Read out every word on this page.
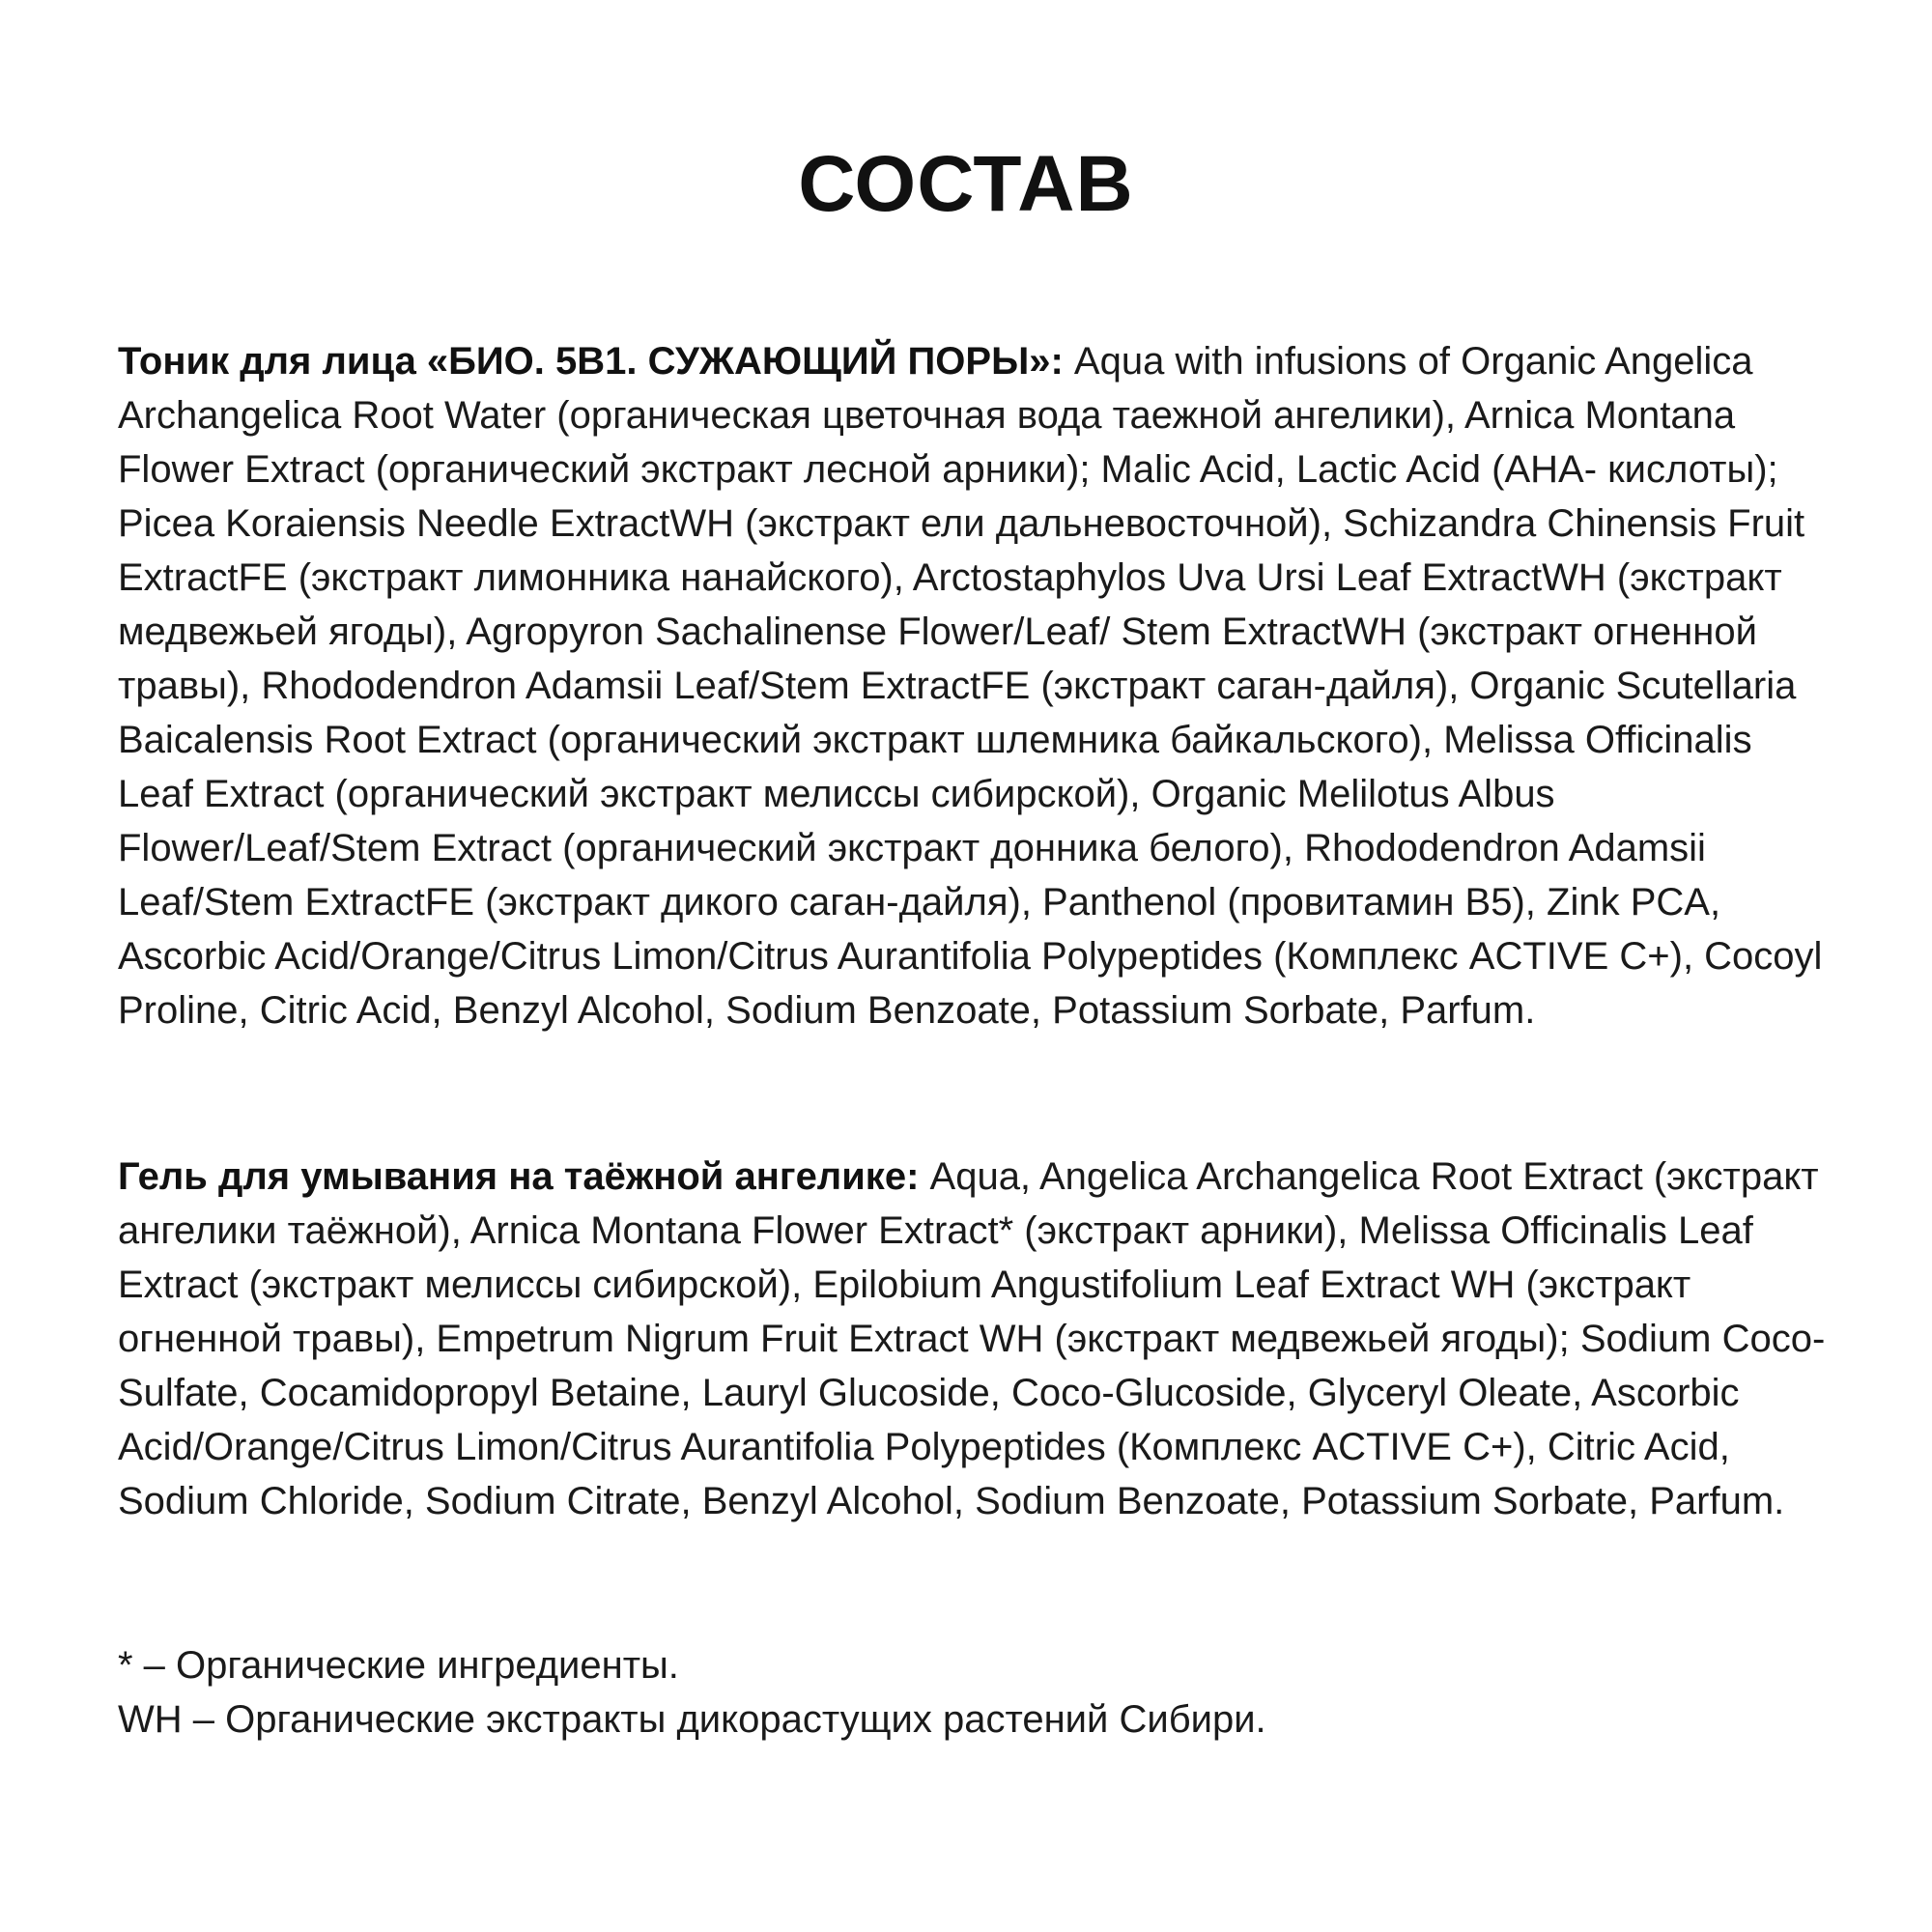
СОСТАВ

Тоник для лица «БИО. 5В1. СУЖАЮЩИЙ ПОРЫ»: Aqua with infusions of Organic Angelica Archangelica Root Water (органическая цветочная вода таежной ангелики), Arnica Montana Flower Extract (органический экстракт лесной арники); Malic Acid, Lactic Acid (AHA- кислоты); Picea Koraiensis Needle ExtractWH (экстракт ели дальневосточной), Schizandra Chinensis Fruit ExtractFE (экстракт лимонника нанайского), Arctostaphylos Uva Ursi Leaf ExtractWH (экстракт медвежьей ягоды), Agropyron Sachalinense Flower/Leaf/ Stem ExtractWH (экстракт огненной травы), Rhododendron Adamsii Leaf/Stem ExtractFE (экстракт саган-дайля), Organic Scutellaria Baicalensis Root Extract (органический экстракт шлемника байкальского), Melissa Officinalis Leaf Extract (органический экстракт мелиссы сибирской), Organic Melilotus Albus Flower/Leaf/Stem Extract (органический экстракт донника белого), Rhododendron Adamsii Leaf/Stem ExtractFE (экстракт дикого саган-дайля), Panthenol (провитамин B5), Zink PCA, Ascorbic Acid/Orange/Citrus Limon/Citrus Aurantifolia Polypeptides (Комплекс ACTIVE C+), Cocoyl Proline, Citric Acid, Benzyl Alcohol, Sodium Benzoate, Potassium Sorbate, Parfum.

Гель для умывания на таёжной ангелике: Aqua, Angelica Archangelica Root Extract (экстракт ангелики таёжной), Arnica Montana Flower Extract* (экстракт арники), Melissa Officinalis Leaf Extract (экстракт мелиссы сибирской), Epilobium Angustifolium Leaf Extract WH (экстракт огненной травы), Empetrum Nigrum Fruit Extract WH (экстракт медвежьей ягоды); Sodium Coco-Sulfate, Cocamidopropyl Betaine, Lauryl Glucoside, Coco-Glucoside, Glyceryl Oleate, Ascorbic Acid/Orange/Citrus Limon/Citrus Aurantifolia Polypeptides (Комплекс ACTIVE C+), Citric Acid, Sodium Chloride, Sodium Citrate, Benzyl Alcohol, Sodium Benzoate, Potassium Sorbate, Parfum.

* – Органические ингредиенты.
WH – Органические экстракты дикорастущих растений Сибири.
